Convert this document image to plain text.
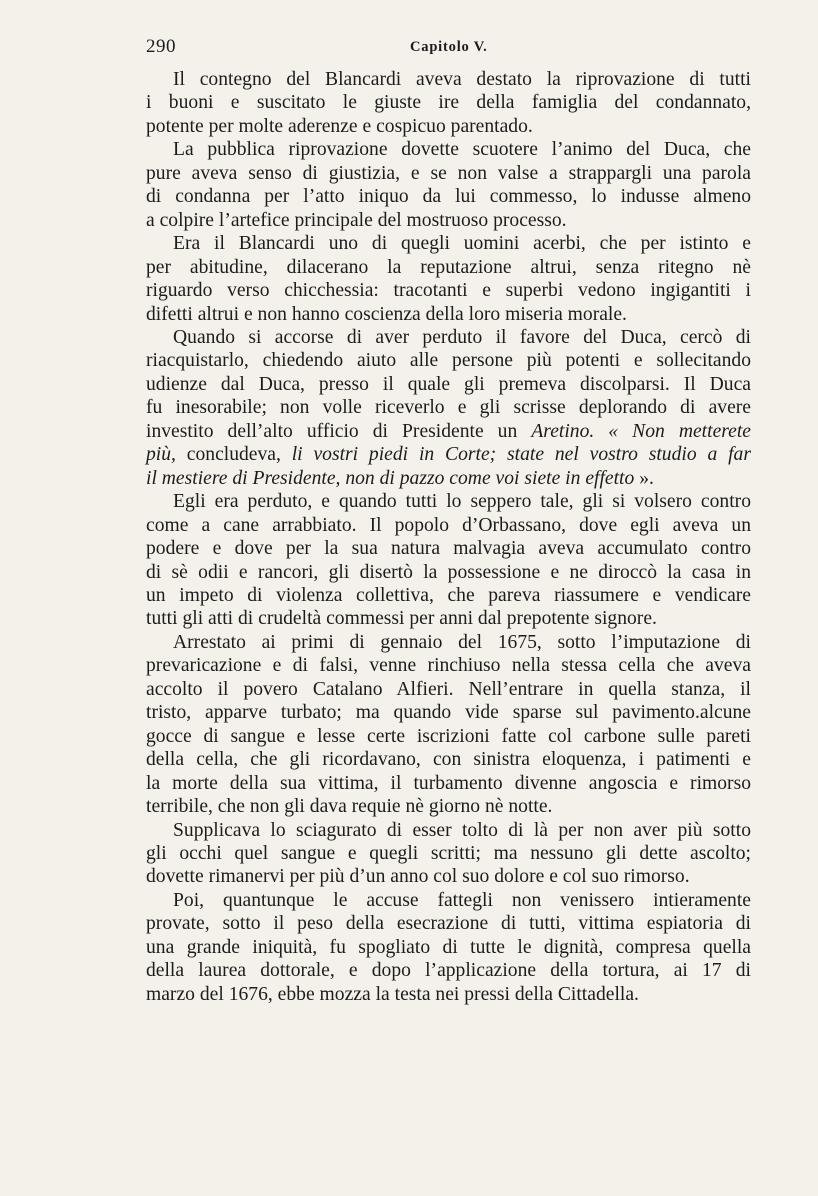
290	Capitolo V.
Il contegno del Blancardi aveva destato la riprovazione di tutti
i buoni e suscitato le giuste ire della famiglia del condannato,
potente per molte aderenze e cospicuo parentado.
La pubblica riprovazione dovette scuotere l’animo del Duca, che
pure aveva senso di giustizia, e se non valse a strappargli una parola
di condanna per l’atto iniquo da lui commesso, lo indusse almeno
a colpire l’artefice principale del mostruoso processo.
Era il Blancardi uno di quegli uomini acerbi, che per istinto e
per abitudine, dilacerano la reputazione altrui, senza ritegno nè
riguardo verso chicchessia: tracotanti e superbi vedono ingigantiti i
difetti altrui e non hanno coscienza della loro miseria morale.
Quando si accorse di aver perduto il favore del Duca, cercò di
riacquistarlo, chiedendo aiuto alle persone più potenti e sollecitando
udienze dal Duca, presso il quale gli premeva discolparsi. Il Duca
fu inesorabile; non volle riceverlo e gli scrisse deplorando di avere
investito dell’alto ufficio di Presidente un Aretino. « Non metterete
più, concludeva, li vostri piedi in Corte; state nel vostro studio a far
il mestiere di Presidente, non di pazzo come voi siete in effetto ».
Egli era perduto, e quando tutti lo seppero tale, gli si volsero contro
come a cane arrabbiato. Il popolo d’Orbassano, dove egli aveva un
podere e dove per la sua natura malvagia aveva accumulato contro
di sè odii e rancori, gli disertò la possessione e ne diroccò la casa in
un impeto di violenza collettiva, che pareva riassumere e vendicare
tutti gli atti di crudeltà commessi per anni dal prepotente signore.
Arrestato ai primi di gennaio del 1675, sotto l’imputazione di
prevaricazione e di falsi, venne rinchiuso nella stessa cella che aveva
accolto il povero Catalano Alfieri. Nell’entrare in quella stanza, il
tristo, apparve turbato; ma quando vide sparse sul pavimento.alcune
gocce di sangue e lesse certe iscrizioni fatte col carbone sulle pareti
della cella, che gli ricordavano, con sinistra eloquenza, i patimenti e
la morte della sua vittima, il turbamento divenne angoscia e rimorso
terribile, che non gli dava requie nè giorno nè notte.
Supplicava lo sciagurato di esser tolto di là per non aver più sotto
gli occhi quel sangue e quegli scritti; ma nessuno gli dette ascolto;
dovette rimanervi per più d’un anno col suo dolore e col suo rimorso.
Poi, quantunque le accuse fattegli non venissero intieramente
provate, sotto il peso della esecrazione di tutti, vittima espiatoria di
una grande iniquità, fu spogliato di tutte le dignità, compresa quella
della laurea dottorale, e dopo l’applicazione della tortura, ai 17 di
marzo del 1676, ebbe mozza la testa nei pressi della Cittadella.
